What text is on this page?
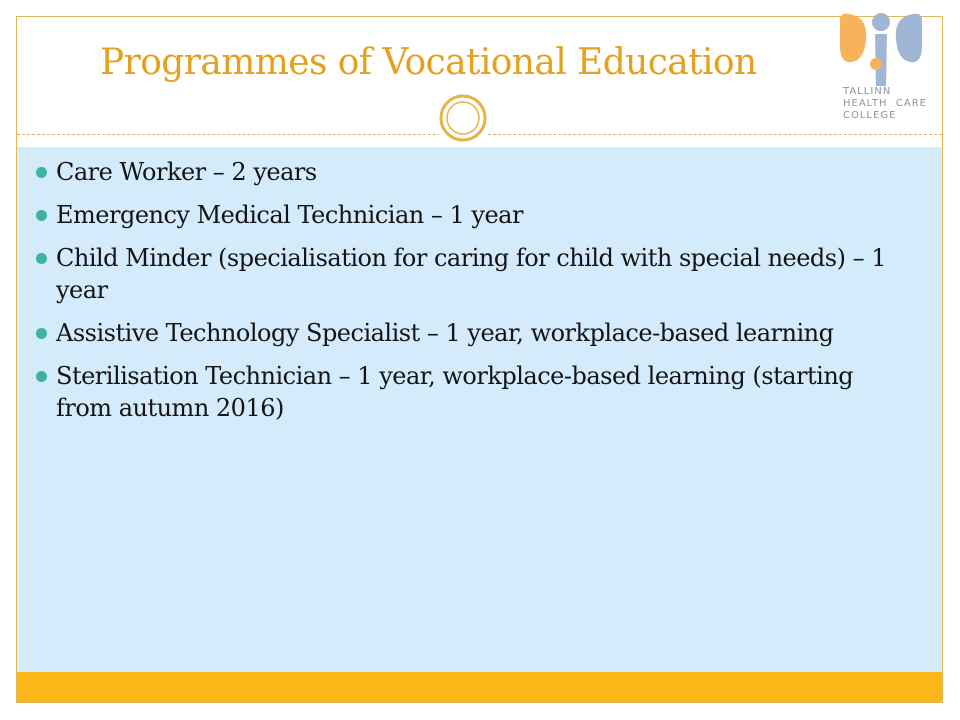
Programmes of Vocational Education
TALLINN
HEALTH CARE
COLLEGE
Care Worker – 2 years
Emergency Medical Technician – 1 year
Child Minder (specialisation for caring for child with special needs) – 1 year
Assistive Technology Specialist – 1 year, workplace-based learning
Sterilisation Technician – 1 year, workplace-based learning (starting from autumn 2016)
